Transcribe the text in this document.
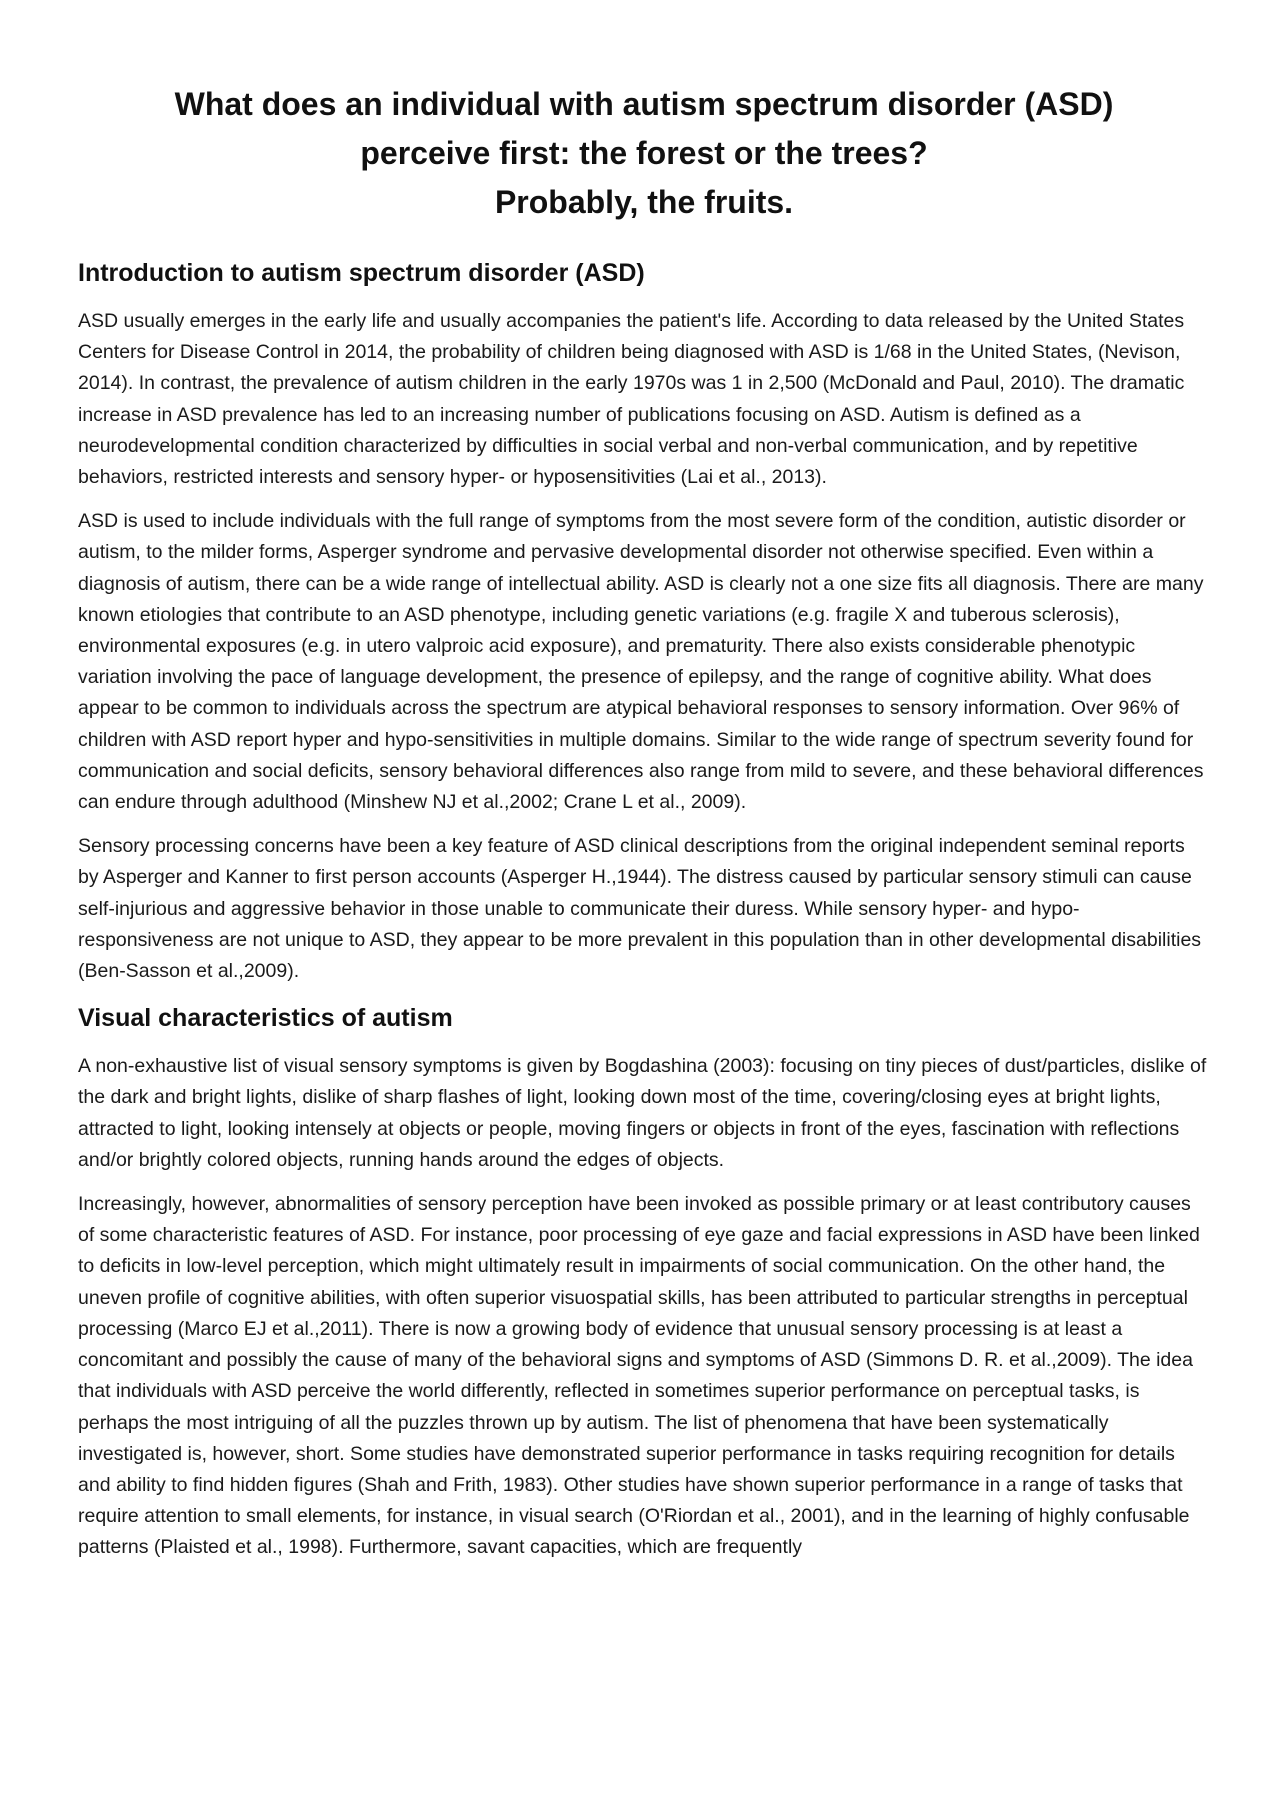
What does an individual with autism spectrum disorder (ASD)
perceive first: the forest or the trees?
Probably, the fruits.
Introduction to autism spectrum disorder (ASD)

ASD usually emerges in the early life and usually accompanies the patient's life. According to data released by the United States Centers for Disease Control in 2014, the probability of children being diagnosed with ASD is 1/68 in the United States, (Nevison, 2014). In contrast, the prevalence of autism children in the early 1970s was 1 in 2,500 (McDonald and Paul, 2010). The dramatic increase in ASD prevalence has led to an increasing number of publications focusing on ASD. Autism is defined as a neurodevelopmental condition characterized by difficulties in social verbal and non-verbal communication, and by repetitive behaviors, restricted interests and sensory hyper- or hyposensitivities (Lai et al., 2013).

ASD is used to include individuals with the full range of symptoms from the most severe form of the condition, autistic disorder or autism, to the milder forms, Asperger syndrome and pervasive developmental disorder not otherwise specified. Even within a diagnosis of autism, there can be a wide range of intellectual ability. ASD is clearly not a one size fits all diagnosis. There are many known etiologies that contribute to an ASD phenotype, including genetic variations (e.g. fragile X and tuberous sclerosis), environmental exposures (e.g. in utero valproic acid exposure), and prematurity. There also exists considerable phenotypic variation involving the pace of language development, the presence of epilepsy, and the range of cognitive ability. What does appear to be common to individuals across the spectrum are atypical behavioral responses to sensory information. Over 96% of children with ASD report hyper and hypo-sensitivities in multiple domains. Similar to the wide range of spectrum severity found for communication and social deficits, sensory behavioral differences also range from mild to severe, and these behavioral differences can endure through adulthood (Minshew NJ et al.,2002; Crane L et al., 2009).

Sensory processing concerns have been a key feature of ASD clinical descriptions from the original independent seminal reports by Asperger and Kanner to first person accounts (Asperger H.,1944). The distress caused by particular sensory stimuli can cause self-injurious and aggressive behavior in those unable to communicate their duress. While sensory hyper- and hypo-responsiveness are not unique to ASD, they appear to be more prevalent in this population than in other developmental disabilities (Ben-Sasson et al.,2009).

Visual characteristics of autism

A non-exhaustive list of visual sensory symptoms is given by Bogdashina (2003): focusing on tiny pieces of dust/particles, dislike of the dark and bright lights, dislike of sharp flashes of light, looking down most of the time, covering/closing eyes at bright lights, attracted to light, looking intensely at objects or people, moving fingers or objects in front of the eyes, fascination with reflections and/or brightly colored objects, running hands around the edges of objects.

Increasingly, however, abnormalities of sensory perception have been invoked as possible primary or at least contributory causes of some characteristic features of ASD. For instance, poor processing of eye gaze and facial expressions in ASD have been linked to deficits in low-level perception, which might ultimately result in impairments of social communication. On the other hand, the uneven profile of cognitive abilities, with often superior visuospatial skills, has been attributed to particular strengths in perceptual processing (Marco EJ et al.,2011). There is now a growing body of evidence that unusual sensory processing is at least a concomitant and possibly the cause of many of the behavioral signs and symptoms of ASD (Simmons D. R. et al.,2009). The idea that individuals with ASD perceive the world differently, reflected in sometimes superior performance on perceptual tasks, is perhaps the most intriguing of all the puzzles thrown up by autism. The list of phenomena that have been systematically investigated is, however, short. Some studies have demonstrated superior performance in tasks requiring recognition for details and ability to find hidden figures (Shah and Frith, 1983). Other studies have shown superior performance in a range of tasks that require attention to small elements, for instance, in visual search (O'Riordan et al., 2001), and in the learning of highly confusable patterns (Plaisted et al., 1998). Furthermore, savant capacities, which are frequently
